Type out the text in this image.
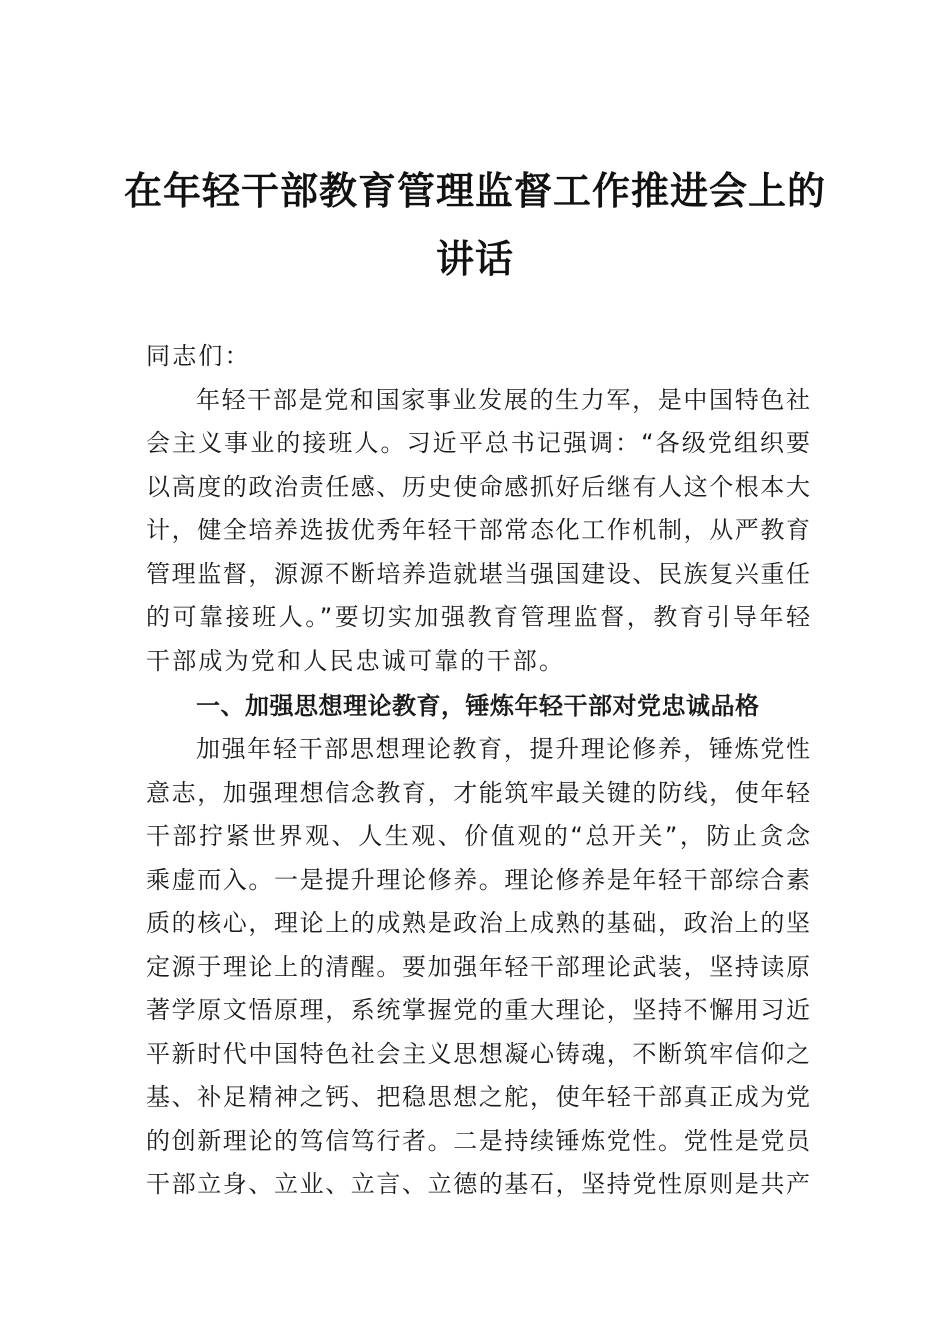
在年轻干部教育管理监督工作推进会上的
讲话
同志们：
年轻干部是党和国家事业发展的生力军，是中国特色社
会主义事业的接班人。习近平总书记强调：“各级党组织要
以高度的政治责任感、历史使命感抓好后继有人这个根本大
计，健全培养选拔优秀年轻干部常态化工作机制，从严教育
管理监督，源源不断培养造就堪当强国建设、民族复兴重任
的可靠接班人。”要切实加强教育管理监督，教育引导年轻
干部成为党和人民忠诚可靠的干部。
一、加强思想理论教育，锤炼年轻干部对党忠诚品格
加强年轻干部思想理论教育，提升理论修养，锤炼党性
意志，加强理想信念教育，才能筑牢最关键的防线，使年轻
干部拧紧世界观、人生观、价值观的“总开关”，防止贪念
乘虚而入。一是提升理论修养。理论修养是年轻干部综合素
质的核心，理论上的成熟是政治上成熟的基础，政治上的坚
定源于理论上的清醒。要加强年轻干部理论武装，坚持读原
著学原文悟原理，系统掌握党的重大理论，坚持不懈用习近
平新时代中国特色社会主义思想凝心铸魂，不断筑牢信仰之
基、补足精神之钙、把稳思想之舵，使年轻干部真正成为党
的创新理论的笃信笃行者。二是持续锤炼党性。党性是党员
干部立身、立业、立言、立德的基石，坚持党性原则是共产
